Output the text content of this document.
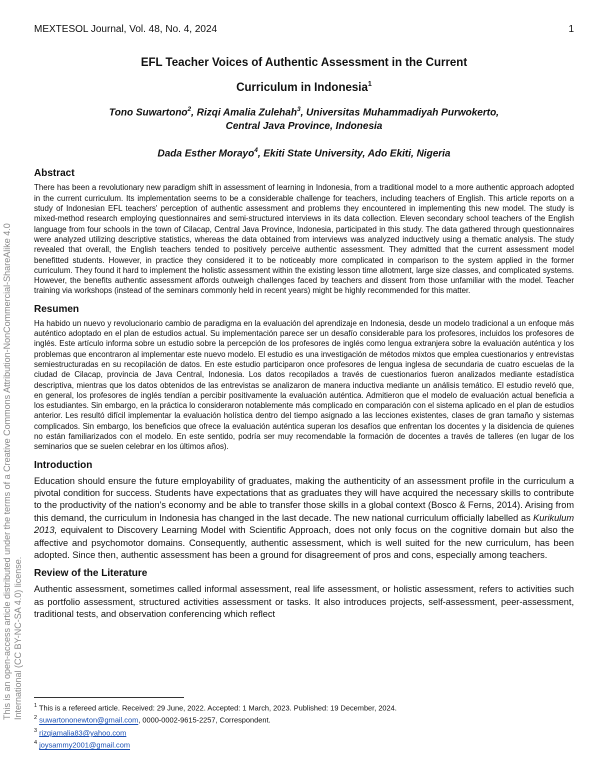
This is an open-access article distributed under the terms of a Creative Commons Attribution-NonCommercial-ShareAlike 4.0
International (CC BY-NC-SA 4.0) license.
MEXTESOL Journal, Vol. 48, No. 4, 2024	1
EFL Teacher Voices of Authentic Assessment in the Current
Curriculum in Indonesia$^1$
Tono Suwartono$^2$, Rizqi Amalia Zulehah$^3$, Universitas Muhammadiyah Purwokerto,
Central Java Province, Indonesia
Dada Esther Morayo$^4$, Ekiti State University, Ado Ekiti, Nigeria
Abstract

There has been a revolutionary new paradigm shift in assessment of learning in Indonesia, from a traditional model to a more authentic approach adopted in the current curriculum. Its implementation seems to be a considerable challenge for teachers, including teachers of English. This article reports on a study of Indonesian EFL teachers' perception of authentic assessment and problems they encountered in implementing this new model. The study is mixed-method research employing questionnaires and semi-structured interviews in its data collection. Eleven secondary school teachers of the English language from four schools in the town of Cilacap, Central Java Province, Indonesia, participated in this study. The data gathered through questionnaires were analyzed utilizing descriptive statistics, whereas the data obtained from interviews was analyzed inductively using a thematic analysis. The study revealed that overall, the English teachers tended to positively perceive authentic assessment. They admitted that the current assessment model benefitted students. However, in practice they considered it to be noticeably more complicated in comparison to the system applied in the former curriculum. They found it hard to implement the holistic assessment within the existing lesson time allotment, large size classes, and complicated systems. However, the benefits authentic assessment affords outweigh challenges faced by teachers and dissent from those unfamiliar with the model. Teacher training via workshops (instead of the seminars commonly held in recent years) might be highly recommended for this matter.

Resumen

Ha habido un nuevo y revolucionario cambio de paradigma en la evaluación del aprendizaje en Indonesia, desde un modelo tradicional a un enfoque más auténtico adoptado en el plan de estudios actual. Su implementación parece ser un desafío considerable para los profesores, incluidos los profesores de inglés. Este artículo informa sobre un estudio sobre la percepción de los profesores de inglés como lengua extranjera sobre la evaluación auténtica y los problemas que encontraron al implementar este nuevo modelo. El estudio es una investigación de métodos mixtos que emplea cuestionarios y entrevistas semiestructuradas en su recopilación de datos. En este estudio participaron once profesores de lengua inglesa de secundaria de cuatro escuelas de la ciudad de Cilacap, provincia de Java Central, Indonesia. Los datos recopilados a través de cuestionarios fueron analizados mediante estadística descriptiva, mientras que los datos obtenidos de las entrevistas se analizaron de manera inductiva mediante un análisis temático. El estudio reveló que, en general, los profesores de inglés tendían a percibir positivamente la evaluación auténtica. Admitieron que el modelo de evaluación actual beneficia a los estudiantes. Sin embargo, en la práctica lo consideraron notablemente más complicado en comparación con el sistema aplicado en el plan de estudios anterior. Les resultó difícil implementar la evaluación holística dentro del tiempo asignado a las lecciones existentes, clases de gran tamaño y sistemas complicados. Sin embargo, los beneficios que ofrece la evaluación auténtica superan los desafíos que enfrentan los docentes y la disidencia de quienes no están familiarizados con el modelo. En este sentido, podría ser muy recomendable la formación de docentes a través de talleres (en lugar de los seminarios que se suelen celebrar en los últimos años).

Introduction

Education should ensure the future employability of graduates, making the authenticity of an assessment profile in the curriculum a pivotal condition for success. Students have expectations that as graduates they will have acquired the necessary skills to contribute to the productivity of the nation's economy and be able to transfer those skills in a global context (Bosco & Ferns, 2014). Arising from this demand, the curriculum in Indonesia has changed in the last decade. The new national curriculum officially labelled as Kurikulum 2013, equivalent to Discovery Learning Model with Scientific Approach, does not only focus on the cognitive domain but also the affective and psychomotor domains. Consequently, authentic assessment, which is well suited for the new curriculum, has been adopted. Since then, authentic assessment has been a ground for disagreement of pros and cons, especially among teachers.

Review of the Literature

Authentic assessment, sometimes called informal assessment, real life assessment, or holistic assessment, refers to activities such as portfolio assessment, structured activities assessment or tasks. It also introduces projects, self-assessment, peer-assessment, traditional tests, and observation conferencing which reflect

$^1$ This is a refereed article. Received: 29 June, 2022. Accepted: 1 March, 2023. Published: 19 December, 2024.
$^2$ suwartononewton@gmail.com, 0000-0002-9615-2257, Correspondent.
$^3$ rizqiamalia83@yahoo.com
$^4$ joysammy2001@gmail.com
